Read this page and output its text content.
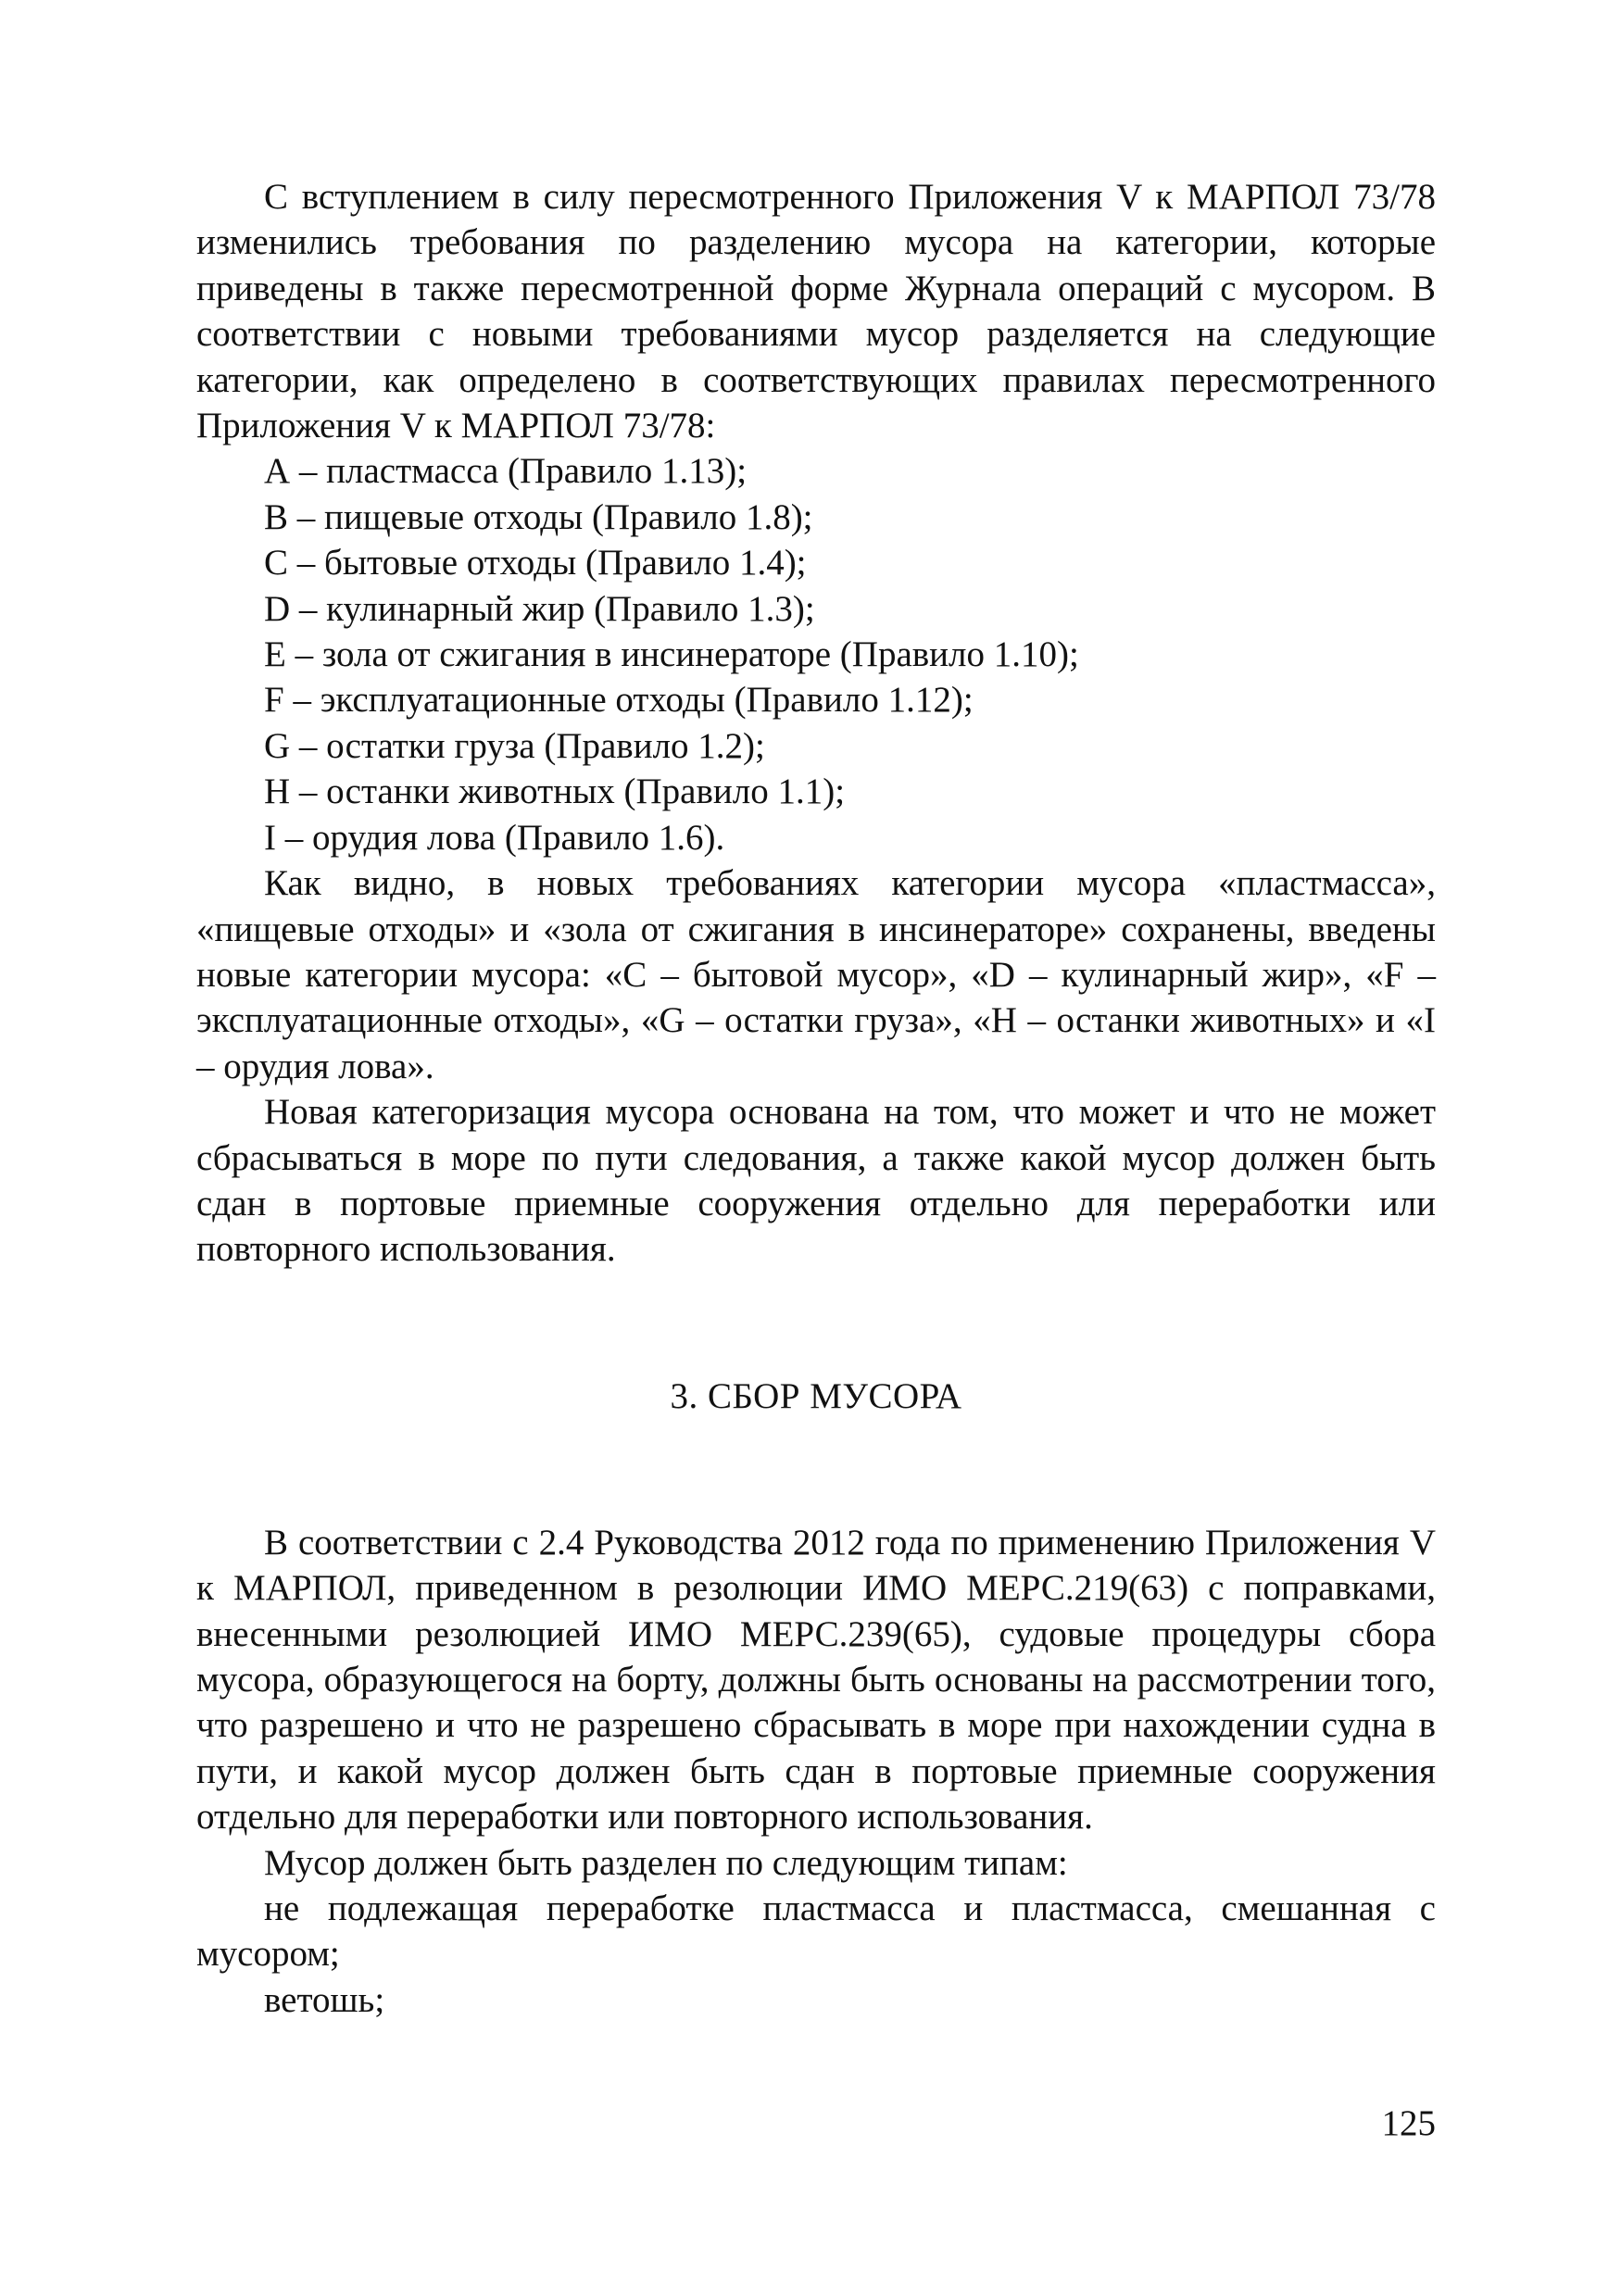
С вступлением в силу пересмотренного Приложения V к МАРПОЛ 73/78 изменились требования по разделению мусора на категории, которые приведены в также пересмотренной форме Журнала операций с мусором. В соответствии с новыми требованиями мусор разделяется на следующие категории, как определено в соответствующих правилах пересмотренного Приложения V к МАРПОЛ 73/78:

А – пластмасса (Правило 1.13);
В – пищевые отходы (Правило 1.8);
С – бытовые отходы (Правило 1.4);
D – кулинарный жир (Правило 1.3);
Е – зола от сжигания в инсинераторе (Правило 1.10);
F – эксплуатационные отходы (Правило 1.12);
G – остатки груза (Правило 1.2);
Н – останки животных (Правило 1.1);
I – орудия лова (Правило 1.6).

Как видно, в новых требованиях категории мусора «пластмасса», «пищевые отходы» и «зола от сжигания в инсинераторе» сохранены, введены новые категории мусора: «С – бытовой мусор», «D – кулинарный жир», «F – эксплуатационные отходы», «G – остатки груза», «Н – останки животных» и «I – орудия лова».

Новая категоризация мусора основана на том, что может и что не может сбрасываться в море по пути следования, а также какой мусор должен быть сдан в портовые приемные сооружения отдельно для переработки или повторного использования.

3. СБОР МУСОРА

В соответствии с 2.4 Руководства 2012 года по применению Приложения V к МАРПОЛ, приведенном в резолюции ИМО МЕРС.219(63) с поправками, внесенными резолюцией ИМО МЕРС.239(65), судовые процедуры сбора мусора, образующегося на борту, должны быть основаны на рассмотрении того, что разрешено и что не разрешено сбрасывать в море при нахождении судна в пути, и какой мусор должен быть сдан в портовые приемные сооружения отдельно для переработки или повторного использования.

Мусор должен быть разделен по следующим типам:

не подлежащая переработке пластмасса и пластмасса, смешанная с мусором;

ветошь;

125
